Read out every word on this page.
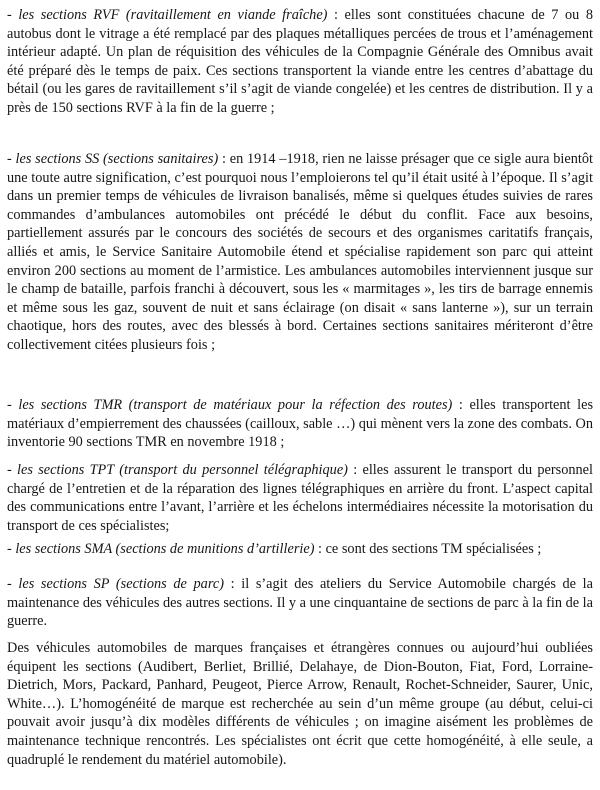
- les sections RVF (ravitaillement en viande fraîche) : elles sont constituées chacune de 7 ou 8 autobus dont le vitrage a été remplacé par des plaques métalliques percées de trous et l’aménagement intérieur adapté. Un plan de réquisition des véhicules de la Compagnie Générale des Omnibus avait été préparé dès le temps de paix. Ces sections transportent la viande entre les centres d’abattage du bétail (ou les gares de ravitaillement s’il s’agit de viande congelée) et les centres de distribution. Il y a près de 150 sections RVF à la fin de la guerre ;

- les sections SS (sections sanitaires) : en 1914 –1918, rien ne laisse présager que ce sigle aura bientôt une toute autre signification, c’est pourquoi nous l’emploierons tel qu’il était usité à l’époque. Il s’agit dans un premier temps de véhicules de livraison banalisés, même si quelques études suivies de rares commandes d’ambulances automobiles ont précédé le début du conflit. Face aux besoins, partiellement assurés par le concours des sociétés de secours et des organismes caritatifs français, alliés et amis, le Service Sanitaire Automobile étend et spécialise rapidement son parc qui atteint environ 200 sections au moment de l’armistice. Les ambulances automobiles interviennent jusque sur le champ de bataille, parfois franchi à découvert, sous les « marmitages », les tirs de barrage ennemis et même sous les gaz, souvent de nuit et sans éclairage (on disait « sans lanterne »), sur un terrain chaotique, hors des routes, avec des blessés à bord. Certaines sections sanitaires mériteront d’être collectivement citées plusieurs fois ;

- les sections TMR (transport de matériaux pour la réfection des routes) : elles transportent les matériaux d’empierrement des chaussées (cailloux, sable …) qui mènent vers la zone des combats. On inventorie 90 sections TMR en novembre 1918 ;

- les sections TPT (transport du personnel télégraphique) : elles assurent le transport du personnel chargé de l’entretien et de la réparation des lignes télégraphiques en arrière du front. L’aspect capital des communications entre l’avant, l’arrière et les échelons intermédiaires nécessite la motorisation du transport de ces spécialistes;

- les sections SMA (sections de munitions d’artillerie) : ce sont des sections TM spécialisées ;

- les sections SP (sections de parc) : il s’agit des ateliers du Service Automobile chargés de la maintenance des véhicules des autres sections. Il y a une cinquantaine de sections de parc à la fin de la guerre.

Des véhicules automobiles de marques françaises et étrangères connues ou aujourd’hui oubliées équipent les sections (Audibert, Berliet, Brillié, Delahaye, de Dion-Bouton, Fiat, Ford, Lorraine-Dietrich, Mors, Packard, Panhard, Peugeot, Pierce Arrow, Renault, Rochet-Schneider, Saurer, Unic, White…). L’homogénéité de marque est recherchée au sein d’un même groupe (au début, celui-ci pouvait avoir jusqu’à dix modèles différents de véhicules ; on imagine aisément les problèmes de maintenance technique rencontrés. Les spécialistes ont écrit que cette homogénéité, à elle seule, a quadruplé le rendement du matériel automobile).
